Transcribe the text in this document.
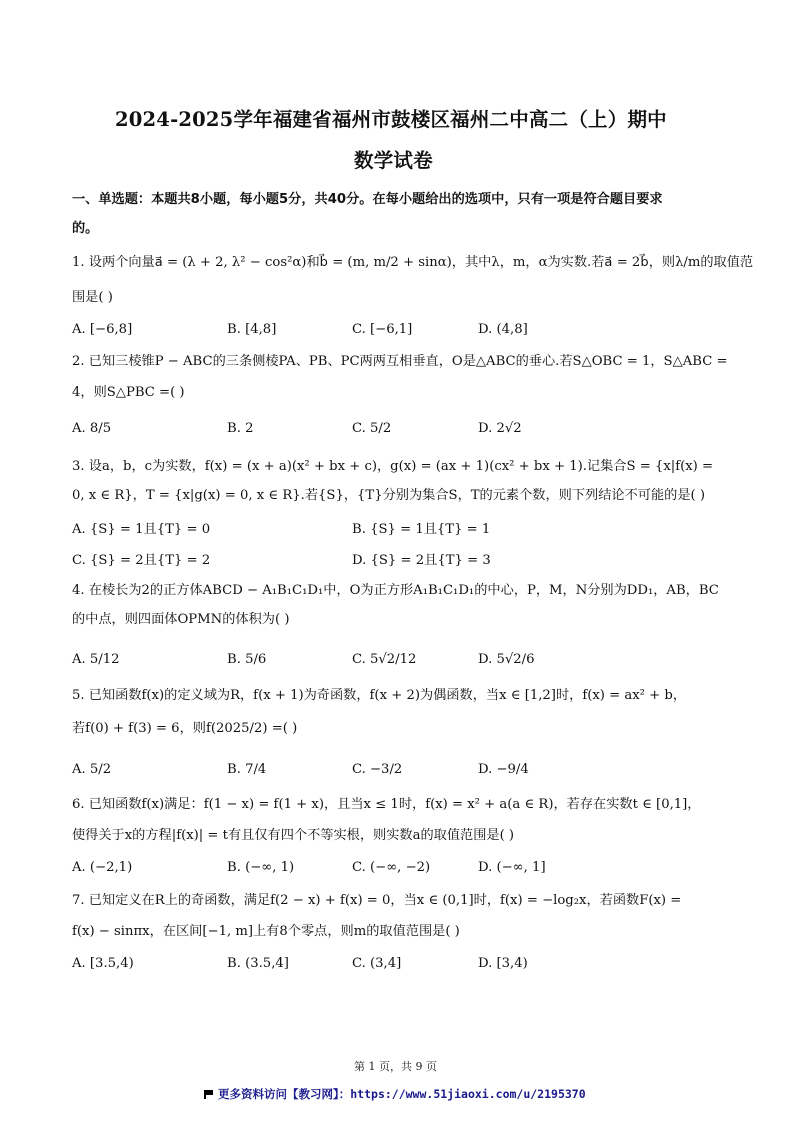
2024-2025学年福建省福州市鼓楼区福州二中高二（上）期中
数学试卷
一、单选题：本题共8小题，每小题5分，共40分。在每小题给出的选项中，只有一项是符合题目要求
的。
1. 设两个向量a⃗ = (λ + 2, λ² − cos²α)和b⃗ = (m, m/2 + sinα)，其中λ，m，α为实数.若a⃗ = 2b⃗，则λ/m的取值范
围是( )
A. [−6,8]	B. [4,8]	C. [−6,1]	D. (4,8]
2. 已知三棱锥P − ABC的三条侧棱PA、PB、PC两两互相垂直，O是△ABC的垂心.若S△OBC = 1，S△ABC =
4，则S△PBC =( )
A. 8/5	B. 2	C. 5/2	D. 2√2
3. 设a，b，c为实数，f(x) = (x + a)(x² + bx + c)，g(x) = (ax + 1)(cx² + bx + 1).记集合S = {x|f(x) =
0, x ∈ R}，T = {x|g(x) = 0, x ∈ R}.若{S}，{T}分别为集合S，T的元素个数，则下列结论不可能的是( )
A. {S} = 1且{T} = 0	B. {S} = 1且{T} = 1
C. {S} = 2且{T} = 2	D. {S} = 2且{T} = 3
4. 在棱长为2的正方体ABCD − A₁B₁C₁D₁中，O为正方形A₁B₁C₁D₁的中心，P，M，N分别为DD₁，AB，BC
的中点，则四面体OPMN的体积为( )
A. 5/12	B. 5/6	C. 5√2/12	D. 5√2/6
5. 已知函数f(x)的定义域为R，f(x + 1)为奇函数，f(x + 2)为偶函数，当x ∈ [1,2]时，f(x) = ax² + b，
若f(0) + f(3) = 6，则f(2025/2) =( )
A. 5/2	B. 7/4	C. −3/2	D. −9/4
6. 已知函数f(x)满足：f(1 − x) = f(1 + x)，且当x ≤ 1时，f(x) = x² + a(a ∈ R)，若存在实数t ∈ [0,1]，
使得关于x的方程|f(x)| = t有且仅有四个不等实根，则实数a的取值范围是( )
A. (−2,1)	B. (−∞, 1)	C. (−∞, −2)	D. (−∞, 1]
7. 已知定义在R上的奇函数，满足f(2 − x) + f(x) = 0，当x ∈ (0,1]时，f(x) = −log₂x，若函数F(x) =
f(x) − sinπx，在区间[−1, m]上有8个零点，则m的取值范围是( )
A. [3.5,4)	B. (3.5,4]	C. (3,4]	D. [3,4)
第 1 页，共 9 页
更多资料访问【教习网】：https://www.51jiaoxi.com/u/2195370
